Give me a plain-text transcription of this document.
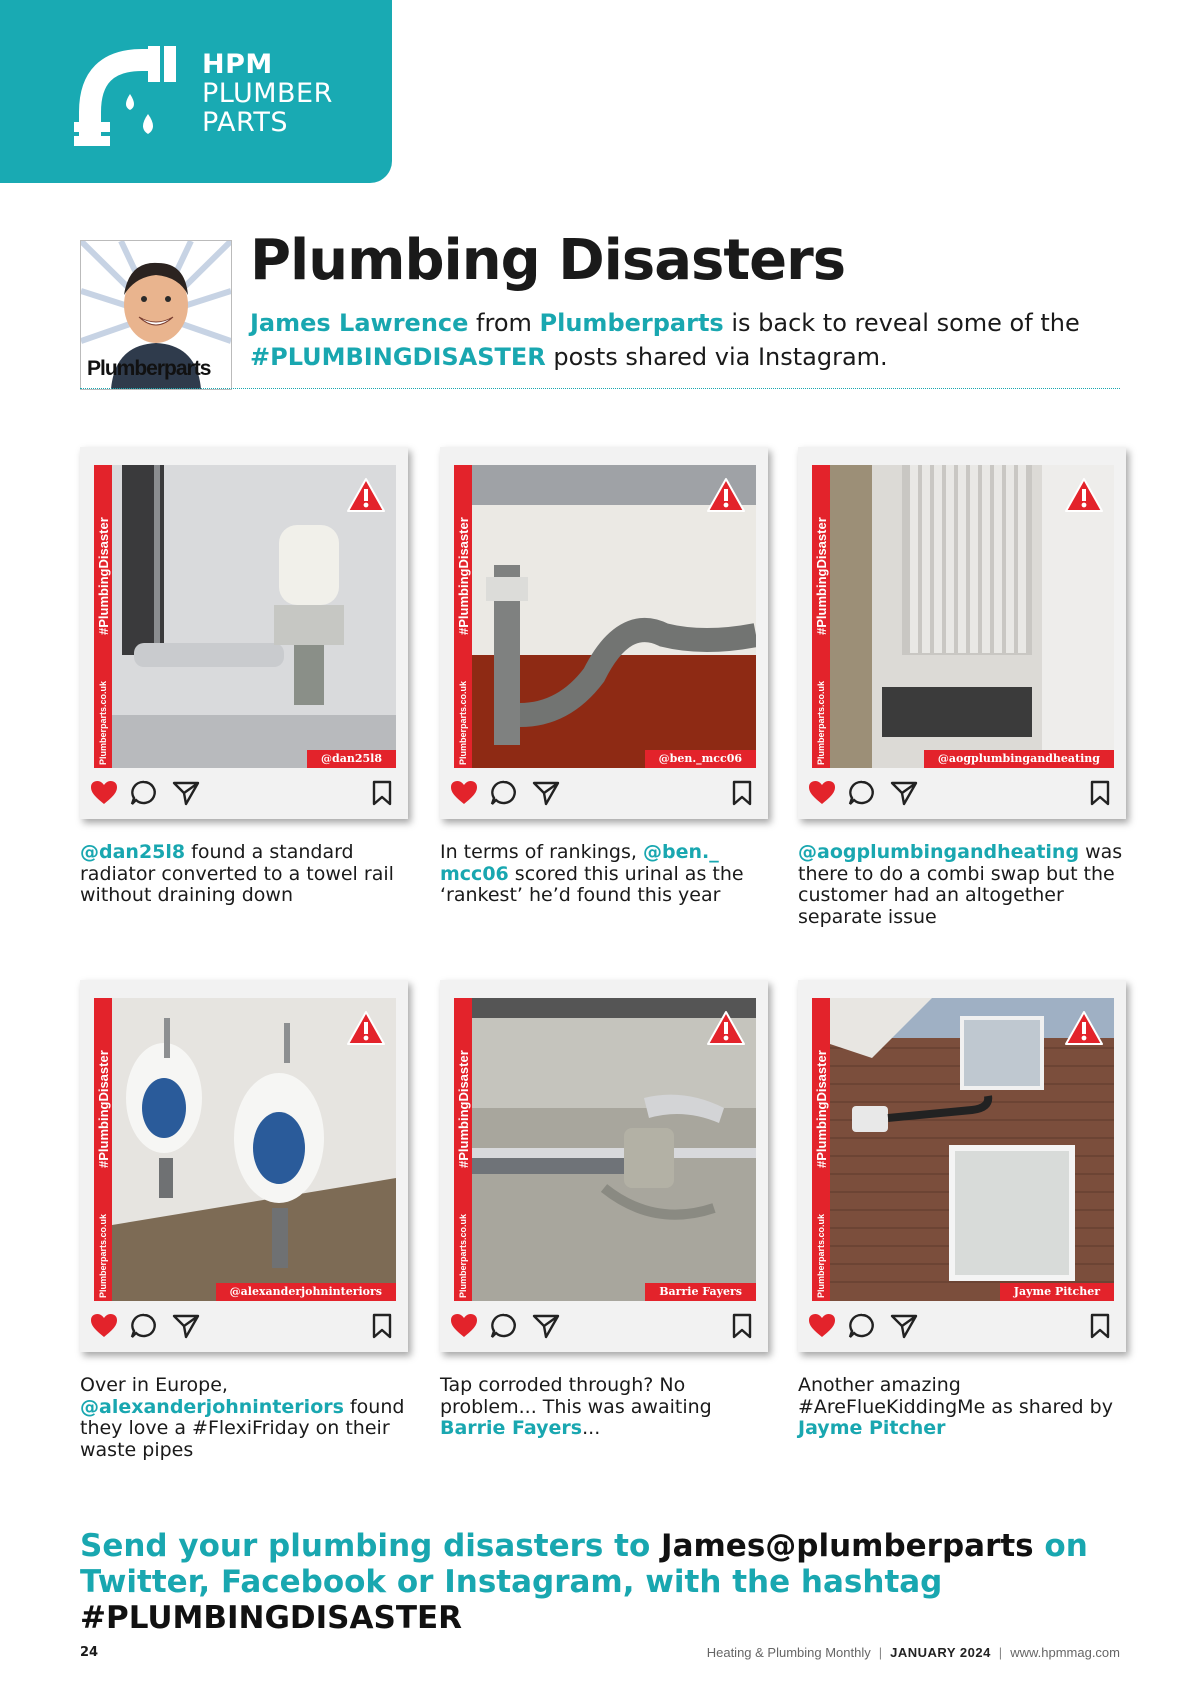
HPM
PLUMBER
PARTS
Plumberparts
Plumbing Disasters

James Lawrence from Plumberparts is back to reveal some of the #PLUMBINGDISASTER posts shared via Instagram.

#PlumbingDisaster
Plumberparts.co.uk	@dan25l8

@dan25l8 found a standard radiator converted to a towel rail without draining down

#PlumbingDisaster
Plumberparts.co.uk	@ben._mcc06

In terms of rankings, @ben._ mcc06 scored this urinal as the ‘rankest’ he’d found this year

#PlumbingDisaster
Plumberparts.co.uk	@aogplumbingandheating

@aogplumbingandheating was there to do a combi swap but the customer had an altogether separate issue

#PlumbingDisaster
Plumberparts.co.uk	@alexanderjohninteriors

Over in Europe, @alexanderjohninteriors found they love a #FlexiFriday on their waste pipes

#PlumbingDisaster
Plumberparts.co.uk	Barrie Fayers

Tap corroded through? No problem... This was awaiting Barrie Fayers...

#PlumbingDisaster
Plumberparts.co.uk	Jayme Pitcher

Another amazing #AreFlueKiddingMe as shared by Jayme Pitcher

Send your plumbing disasters to James@plumberparts on Twitter, Facebook or Instagram, with the hashtag #PLUMBINGDISASTER

24	Heating & Plumbing Monthly | JANUARY 2024 | www.hpmmag.com
